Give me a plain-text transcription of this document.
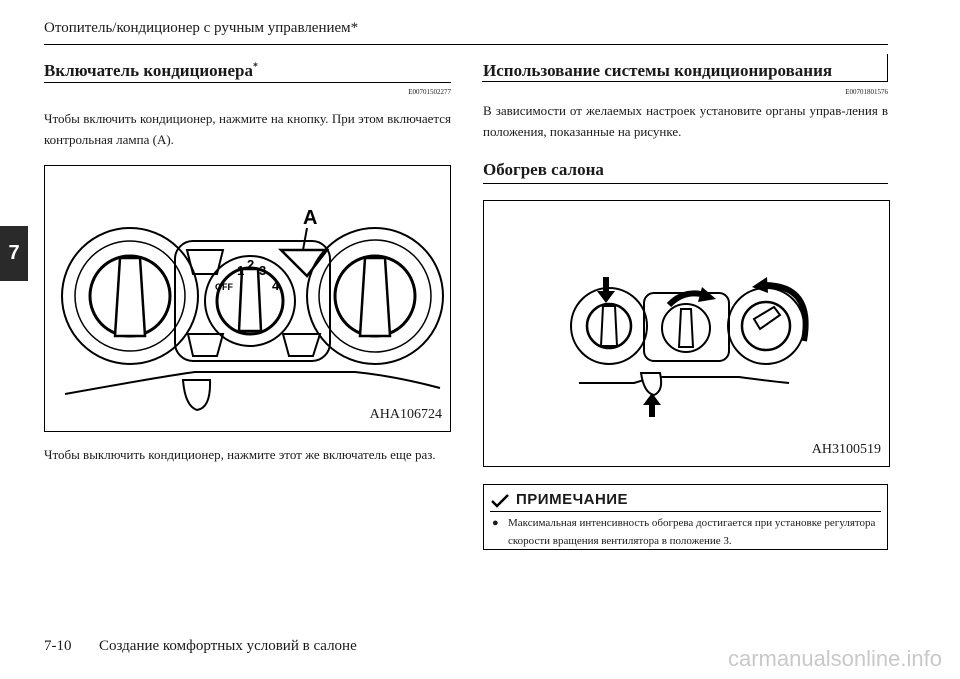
Отопитель/кондиционер с ручным управлением*
7
Включатель кондиционера*
E00701502277
Чтобы включить кондиционер, нажмите на кнопку. При этом включается контрольная лампа (A).
1 2 3
4
OFF
A
AHA106724
Чтобы выключить кондиционер, нажмите этот же включатель еще раз.
Использование системы кондиционирования
E00701801576
В зависимости от желаемых настроек установите органы управ-ления в положения, показанные на рисунке.
Обогрев салона
AH3100519
ПРИМЕЧАНИЕ
● Максимальная интенсивность обогрева достигается при установке регулятора скорости вращения вентилятора в положение 3.
7-10 Создание комфортных условий в салоне	carmanualsonline.info
